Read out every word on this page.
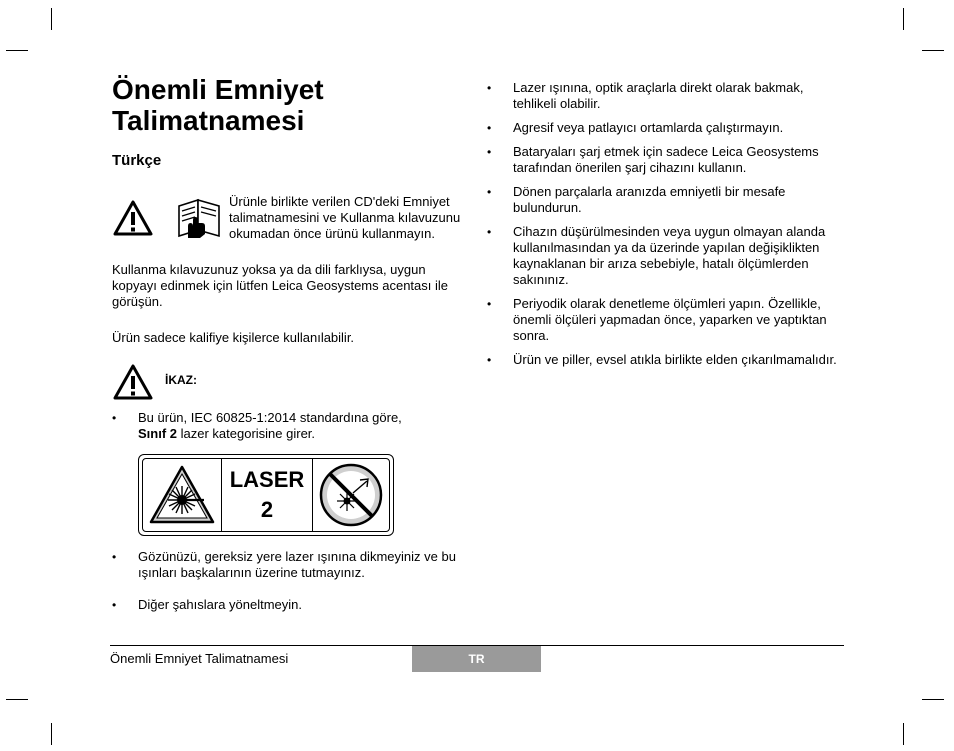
Önemli Emniyet Talimatnamesi
Türkçe
Ürünle birlikte verilen CD'deki Emniyet talimatnamesini ve Kullanma kılavuzunu okumadan önce ürünü kullanmayın.
Kullanma kılavuzunuz yoksa ya da dili farklıysa, uygun kopyayı edinmek için lütfen Leica Geosystems acentası ile görüşün.
Ürün sadece kalifiye kişilerce kullanılabilir.
İKAZ:
• Bu ürün, IEC 60825-1:2014 standardına göre,
Sınıf 2 lazer kategorisine girer.
LASER
2
• Gözünüzü, gereksiz yere lazer ışınına dikmeyiniz ve bu ışınları başkalarının üzerine tutmayınız.
• Diğer şahıslara yöneltmeyin.
• Lazer ışınına, optik araçlarla direkt olarak bakmak, tehlikeli olabilir.
• Agresif veya patlayıcı ortamlarda çalıştırmayın.
• Bataryaları şarj etmek için sadece Leica Geosystems tarafından önerilen şarj cihazını kullanın.
• Dönen parçalarla aranızda emniyetli bir mesafe bulundurun.
• Cihazın düşürülmesinden veya uygun olmayan alanda kullanılmasından ya da üzerinde yapılan değişiklikten kaynaklanan bir arıza sebebiyle, hatalı ölçümlerden sakınınız.
• Periyodik olarak denetleme ölçümleri yapın. Özellikle, önemli ölçüleri yapmadan önce, yaparken ve yaptıktan sonra.
• Ürün ve piller, evsel atıkla birlikte elden çıkarılmamalıdır.
Önemli Emniyet Talimatnamesi	TR
